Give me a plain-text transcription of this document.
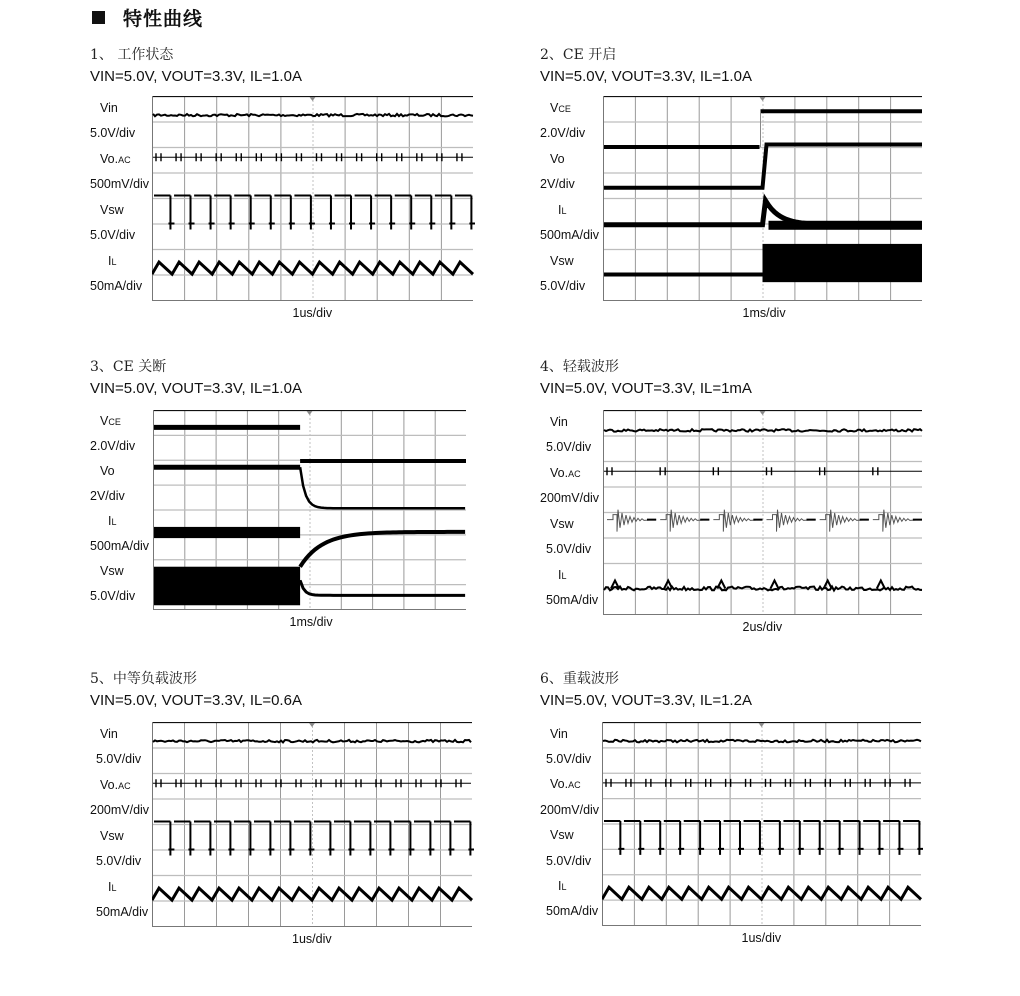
特性曲线
1、 工作状态
VIN=5.0V, VOUT=3.3V, IL=1.0A
Vin
5.0V/div
Vo.AC
500mV/div
Vsw
5.0V/div
IL
50mA/div
1us/div
2、CE 开启
VIN=5.0V, VOUT=3.3V, IL=1.0A
VCE
2.0V/div
Vo
2V/div
IL
500mA/div
Vsw
5.0V/div
1ms/div
3、CE 关断
VIN=5.0V, VOUT=3.3V, IL=1.0A
VCE
2.0V/div
Vo
2V/div
IL
500mA/div
Vsw
5.0V/div
1ms/div
4、轻载波形
VIN=5.0V, VOUT=3.3V, IL=1mA
Vin
5.0V/div
Vo.AC
200mV/div
Vsw
5.0V/div
IL
50mA/div
2us/div
5、中等负载波形
VIN=5.0V, VOUT=3.3V, IL=0.6A
Vin
5.0V/div
Vo.AC
200mV/div
Vsw
5.0V/div
IL
50mA/div
1us/div
6、重载波形
VIN=5.0V, VOUT=3.3V, IL=1.2A
Vin
5.0V/div
Vo.AC
200mV/div
Vsw
5.0V/div
IL
50mA/div
1us/div
